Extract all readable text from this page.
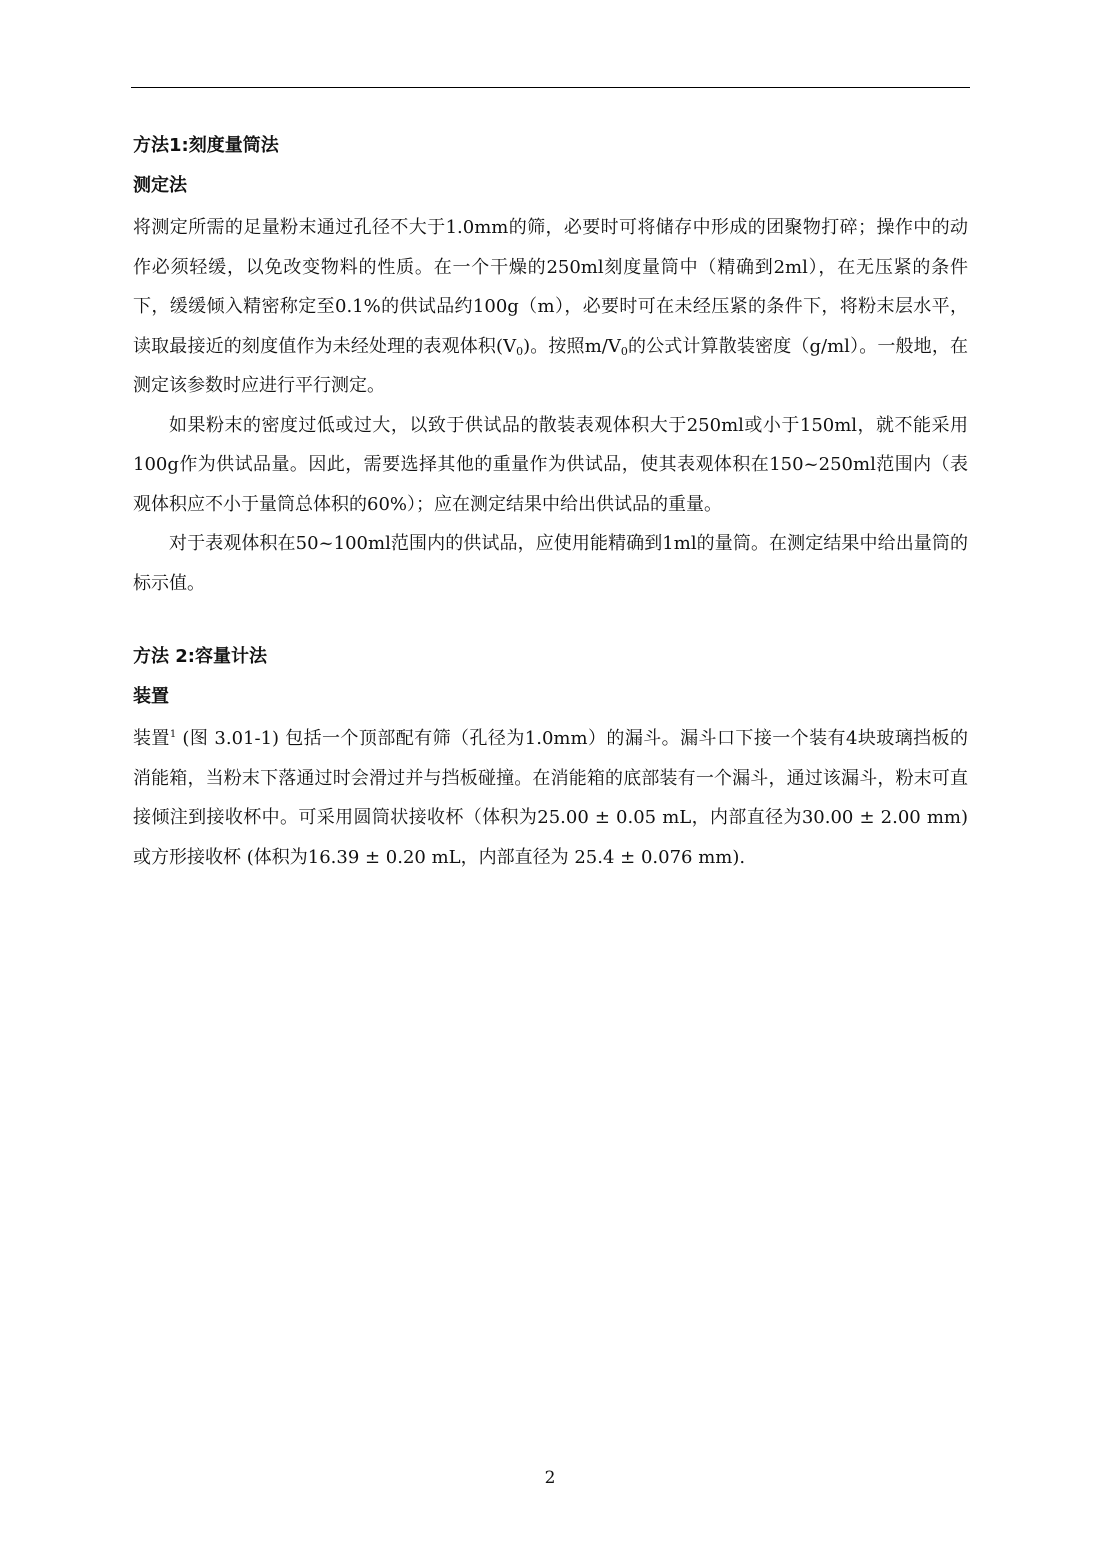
方法1:刻度量筒法
测定法

将测定所需的足量粉末通过孔径不大于1.0mm的筛，必要时可将储存中形成的团聚物打碎；操作中的动作必须轻缓，以免改变物料的性质。在一个干燥的250ml刻度量筒中（精确到2ml），在无压紧的条件下，缓缓倾入精密称定至0.1%的供试品约100g（m），必要时可在未经压紧的条件下，将粉末层水平，读取最接近的刻度值作为未经处理的表观体积$(V_0)$。按照$m/V_0$的公式计算散装密度（g/ml）。一般地，在测定该参数时应进行平行测定。

如果粉末的密度过低或过大，以致于供试品的散装表观体积大于250ml或小于150ml，就不能采用100g作为供试品量。因此，需要选择其他的重量作为供试品，使其表观体积在150~250ml范围内（表观体积应不小于量筒总体积的60%）；应在测定结果中给出供试品的重量。

对于表观体积在50~100ml范围内的供试品，应使用能精确到1ml的量筒。在测定结果中给出量筒的标示值。

方法 2:容量计法
装置

装置$^1$ (图 3.01-1) 包括一个顶部配有筛（孔径为1.0mm）的漏斗。漏斗口下接一个装有4块玻璃挡板的消能箱，当粉末下落通过时会滑过并与挡板碰撞。在消能箱的底部装有一个漏斗，通过该漏斗，粉末可直接倾注到接收杯中。可采用圆筒状接收杯（体积为25.00 ± 0.05 mL，内部直径为30.00 ± 2.00 mm) 或方形接收杯 (体积为16.39 ± 0.20 mL，内部直径为 25.4 ± 0.076 mm).

2
